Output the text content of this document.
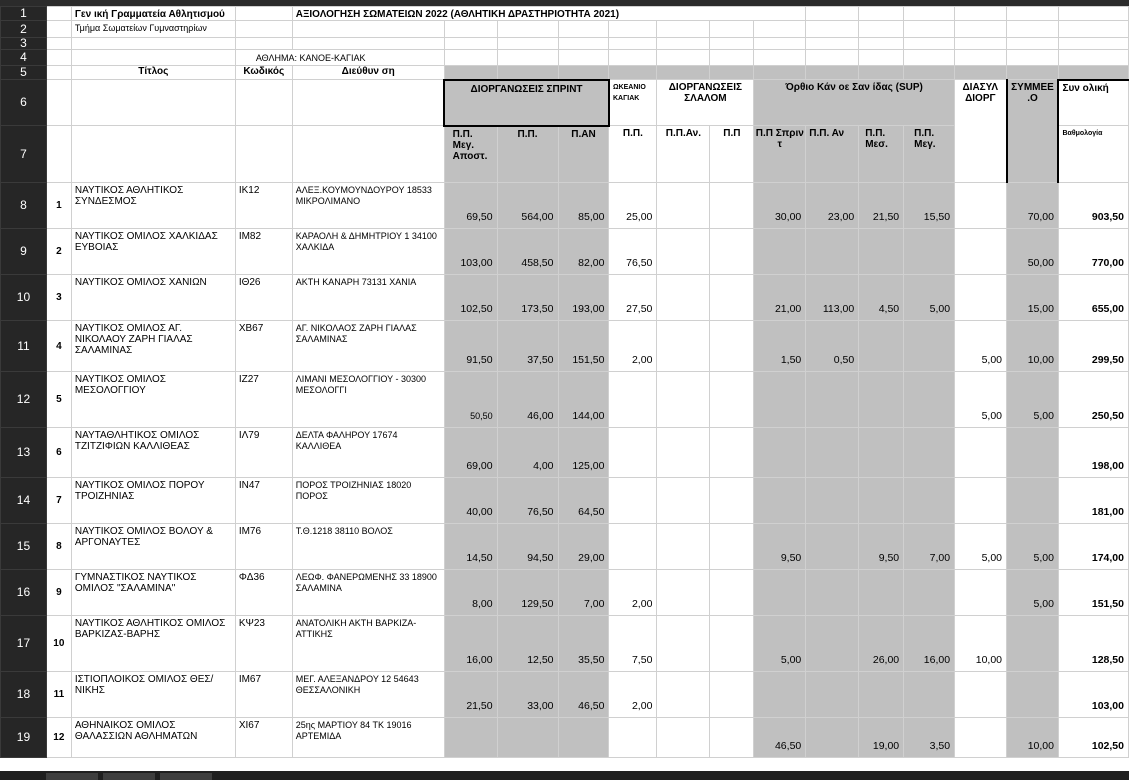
1		Γεν ική Γραμματεία Αθλητισμού		ΑΞΙΟΛΟΓΗΣΗ ΣΩΜΑΤΕΙΩΝ 2022 (ΑΘΛΗΤΙΚΗ ΔΡΑΣΤΗΡΙΟΤΗΤΑ 2021)													
2		Τμήμα Σωματείων Γυμναστηρίων															
3																	
4			ΑΘΛΗΜΑ: ΚΑΝΟΕ-ΚΑΓΙΑΚ														
5		Τίτλος	Κωδικός	Διεύθυν ση													
6					ΔΙΟΡΓΑΝΩΣΕΙΣ ΣΠΡΙΝΤ			ΩΚΕΑΝΙΟ ΚΑΓΙΑΚ	ΔΙΟΡΓΑΝΩΣΕΙΣ ΣΛΑΛΟΜ		Όρθιο Κάν οε Σαν ίδας (SUP)				ΔΙΑΣΥΛ ΔΙΟΡΓ	ΣΥΜΜΕΕ .Ο	Συν ολική
7					Π.Π. Μεγ. Αποστ.	Π.Π.	Π.ΑΝ	Π.Π.	Π.Π.Αν.	Π.Π	Π.Π Σπριν τ	Π.Π. Αν	Π.Π. Μεσ.	Π.Π. Μεγ.			Βαθμολογία
8	1	ΝΑΥΤΙΚΟΣ ΑΘΛΗΤΙΚΟΣ ΣΥΝΔΕΣΜΟΣ	ΙΚ12	ΑΛΕΞ.ΚΟΥΜΟΥΝΔΟΥΡΟΥ 18533 ΜΙΚΡΟΛΙΜΑΝΟ	69,50	564,00	85,00	25,00			30,00	23,00	21,50	15,50		70,00	903,50
9	2	ΝΑΥΤΙΚΟΣ ΟΜΙΛΟΣ ΧΑΛΚΙΔΑΣ ΕΥΒΟΙΑΣ	ΙΜ82	ΚΑΡΑΟΛΗ & ΔΗΜΗΤΡΙΟΥ 1 34100 ΧΑΛΚΙΔΑ	103,00	458,50	82,00	76,50								50,00	770,00
10	3	ΝΑΥΤΙΚΟΣ ΟΜΙΛΟΣ ΧΑΝΙΩΝ	ΙΘ26	ΑΚΤΗ ΚΑΝΑΡΗ 73131 ΧΑΝΙΑ	102,50	173,50	193,00	27,50			21,00	113,00	4,50	5,00		15,00	655,00
11	4	ΝΑΥΤΙΚΟΣ ΟΜΙΛΟΣ ΑΓ. ΝΙΚΟΛΑΟΥ ΖΑΡΗ ΓΙΑΛΑΣ ΣΑΛΑΜΙΝΑΣ	ΧΒ67	ΑΓ. ΝΙΚΟΛΑΟΣ ΖΑΡΗ ΓΙΑΛΑΣ ΣΑΛΑΜΙΝΑΣ	91,50	37,50	151,50	2,00			1,50	0,50			5,00	10,00	299,50
12	5	ΝΑΥΤΙΚΟΣ ΟΜΙΛΟΣ ΜΕΣΟΛΟΓΓΙΟΥ	ΙΖ27	ΛΙΜΑΝΙ ΜΕΣΟΛΟΓΓΙΟΥ - 30300 ΜΕΣΟΛΟΓΓΙ	50,50	46,00	144,00								5,00	5,00	250,50
13	6	ΝΑΥΤΑΘΛΗΤΙΚΟΣ ΟΜΙΛΟΣ ΤΖΙΤΖΙΦΙΩΝ ΚΑΛΛΙΘΕΑΣ	ΙΛ79	ΔΕΛΤΑ ΦΑΛΗΡΟΥ 17674 ΚΑΛΛΙΘΕΑ	69,00	4,00	125,00										198,00
14	7	ΝΑΥΤΙΚΟΣ ΟΜΙΛΟΣ ΠΟΡΟΥ ΤΡΟΙΖΗΝΙΑΣ	ΙΝ47	ΠΟΡΟΣ ΤΡΟΙΖΗΝΙΑΣ 18020 ΠΟΡΟΣ	40,00	76,50	64,50										181,00
15	8	ΝΑΥΤΙΚΟΣ ΟΜΙΛΟΣ ΒΟΛΟΥ & ΑΡΓΟΝΑΥΤΕΣ	ΙΜ76	Τ.Θ.1218 38110 ΒΟΛΟΣ	14,50	94,50	29,00				9,50		9,50	7,00	5,00	5,00	174,00
16	9	ΓΥΜΝΑΣΤΙΚΟΣ ΝΑΥΤΙΚΟΣ ΟΜΙΛΟΣ "ΣΑΛΑΜΙΝΑ"	ΦΔ36	ΛΕΩΦ. ΦΑΝΕΡΩΜΕΝΗΣ 33 18900 ΣΑΛΑΜΙΝΑ	8,00	129,50	7,00	2,00								5,00	151,50
17	10	ΝΑΥΤΙΚΟΣ ΑΘΛΗΤΙΚΟΣ ΟΜΙΛΟΣ ΒΑΡΚΙΖΑΣ-ΒΑΡΗΣ	ΚΨ23	ΑΝΑΤΟΛΙΚΗ ΑΚΤΗ ΒΑΡΚΙΖΑ-ΑΤΤΙΚΗΣ	16,00	12,50	35,50	7,50			5,00		26,00	16,00	10,00		128,50
18	11	ΙΣΤΙΟΠΛΟΙΚΟΣ ΟΜΙΛΟΣ ΘΕΣ/ΝΙΚΗΣ	ΙΜ67	ΜΕΓ. ΑΛΕΞΑΝΔΡΟΥ 12 54643 ΘΕΣΣΑΛΟΝΙΚΗ	21,50	33,00	46,50	2,00									103,00
19	12	ΑΘΗΝΑΙΚΟΣ ΟΜΙΛΟΣ ΘΑΛΑΣΣΙΩΝ ΑΘΛΗΜΑΤΩΝ	ΧΙ67	25ης ΜΑΡΤΙΟΥ 84 ΤΚ 19016 ΑΡΤΕΜΙΔΑ							46,50		19,00	3,50		10,00	102,50
